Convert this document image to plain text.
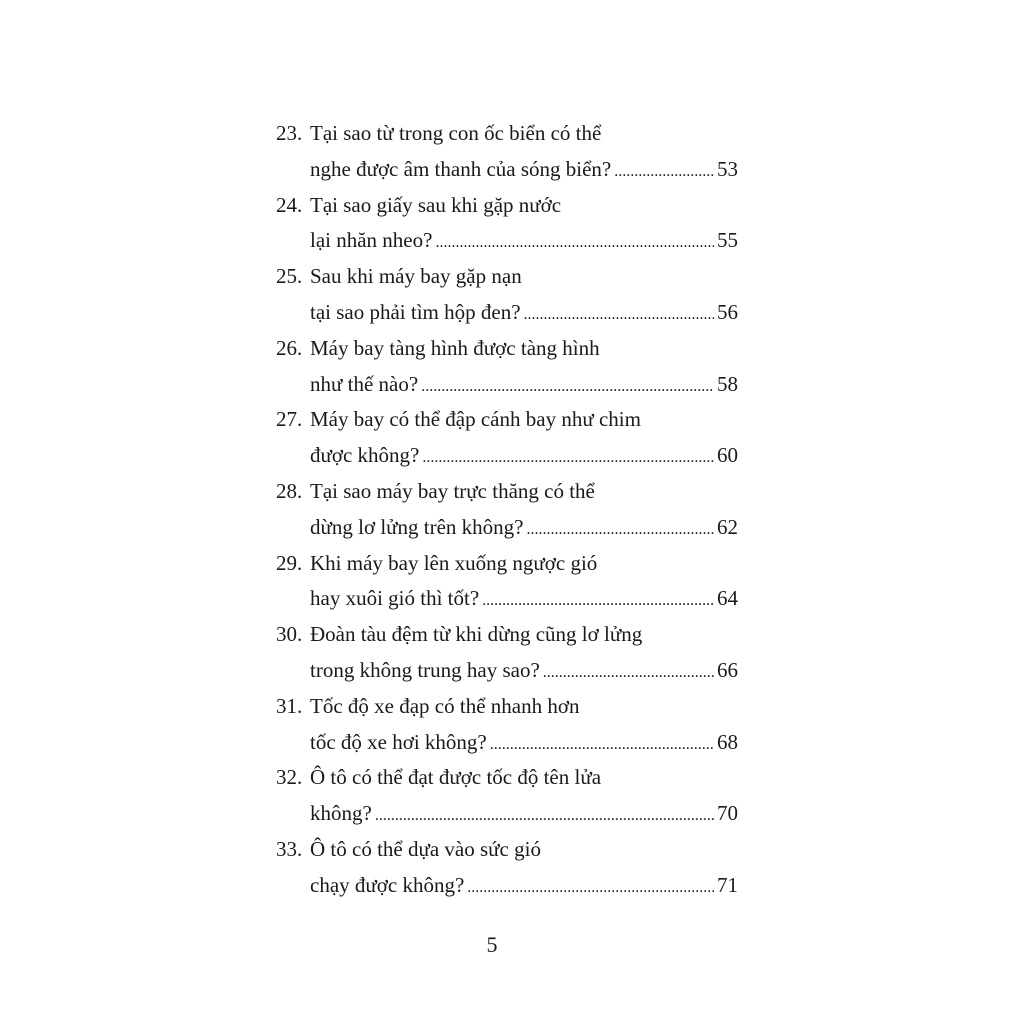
23. Tại sao từ trong con ốc biển có thể
nghe được âm thanh của sóng biển? .....	53
24. Tại sao giấy sau khi gặp nước
lại nhăn nheo? .....	55
25. Sau khi máy bay gặp nạn
tại sao phải tìm hộp đen? .....	56
26. Máy bay tàng hình được tàng hình
như thế nào? .....	58
27. Máy bay có thể đập cánh bay như chim
được không? .....	60
28. Tại sao máy bay trực thăng có thể
dừng lơ lửng trên không? .....	62
29. Khi máy bay lên xuống ngược gió
hay xuôi gió thì tốt? .....	64
30. Đoàn tàu đệm từ khi dừng cũng lơ lửng
trong không trung hay sao? .....	66
31. Tốc độ xe đạp có thể nhanh hơn
tốc độ xe hơi không? .....	68
32. Ô tô có thể đạt được tốc độ tên lửa
không? .....	70
33. Ô tô có thể dựa vào sức gió
chạy được không? .....	71
5
